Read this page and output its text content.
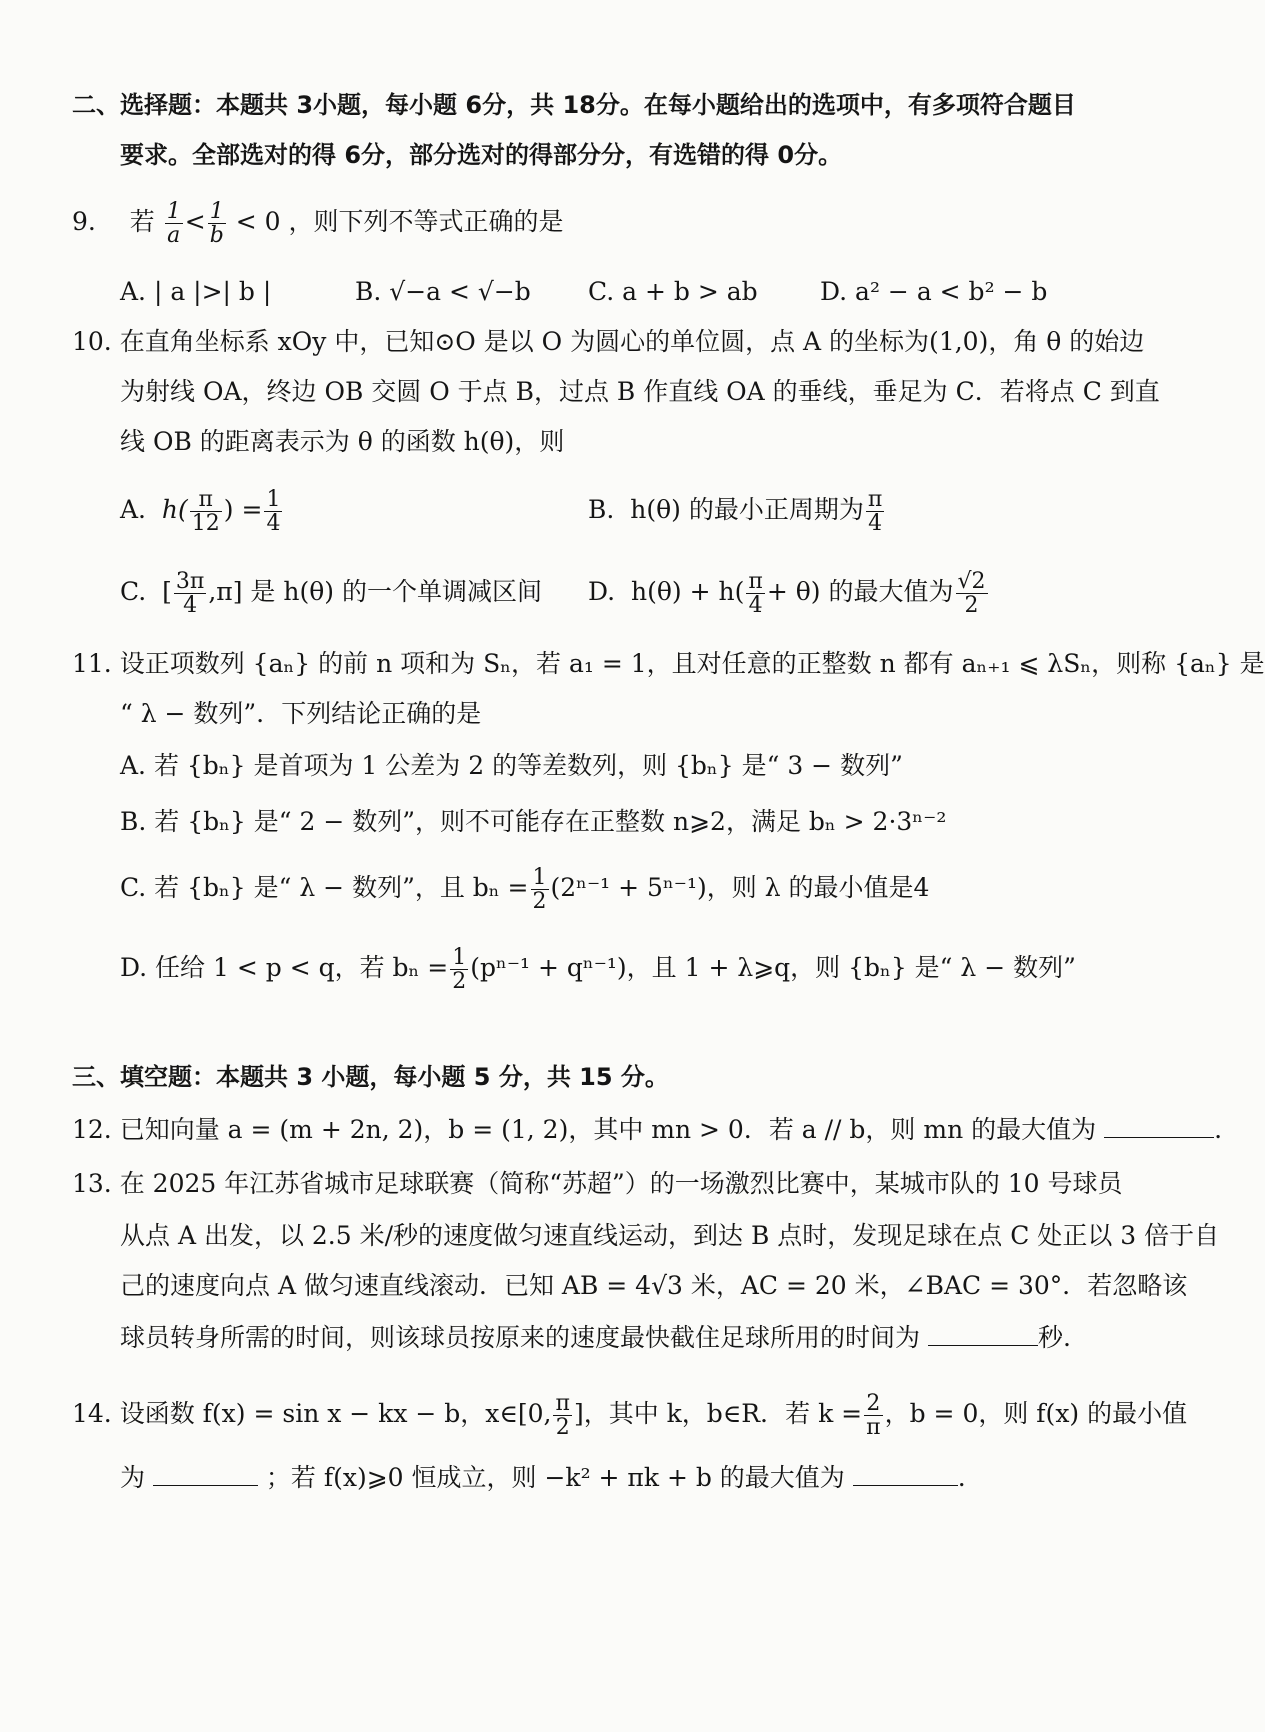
二、选择题：本题共 3小题，每小题 6分，共 18分。在每小题给出的选项中，有多项符合题目
要求。全部选对的得 6分，部分选对的得部分分，有选错的得 0分。
9. 若 $\frac{1}{a} < \frac{1}{b} < 0$ ，则下列不等式正确的是
A. | a |>| b |	B. √−a < √−b C. a + b > ab D. a² − a < b² − b
10. 在直角坐标系 xOy 中，已知⊙O 是以 O 为圆心的单位圆，点 A 的坐标为(1,0)，角 θ 的始边
为射线 OA，终边 OB 交圆 O 于点 B，过点 B 作直线 OA 的垂线，垂足为 C．若将点 C 到直
线 OB 的距离表示为 θ 的函数 h(θ)，则
A. $h( \frac{\pi}{12}$ ) = $\frac{1}{4}$	B. h(θ) 的最小正周期为 $\frac{\pi}{4}$
C. [ $\frac{3\pi}{4} ,\pi$] 是 h(θ) 的一个单调减区间 D. $h(\theta) + h( \frac{\pi}{4} + \theta)$ 的最大值为 $\frac{√2}{2}$
11. 设正项数列 {aₙ} 的前 n 项和为 Sₙ，若 a₁ = 1，且对任意的正整数 n 都有 aₙ₊₁ ⩽ λSₙ，则称 {aₙ} 是
“ λ − 数列”．下列结论正确的是
A. 若 {bₙ} 是首项为 1 公差为 2 的等差数列，则 {bₙ} 是“ 3 − 数列”
B. 若 {bₙ} 是“ 2 − 数列”，则不可能存在正整数 n⩾2，满足 bₙ > 2·3ⁿ⁻²
C. 若 {bₙ} 是“ λ − 数列”，且 $b_n = \frac{1}{2} (2^{n-1} + 5^{n-1})$，则 λ 的最小值是4
D. 任给 1 < p < q，若 $b_n = \frac{1}{2} (p^{n-1} + q^{n-1})$，且 1 + λ⩾q，则 {bₙ} 是“ λ − 数列”
三、填空题：本题共 3 小题，每小题 5 分，共 15 分。
12. 已知向量 a = (m + 2n, 2)，b = (1, 2)，其中 mn > 0．若 a // b，则 mn 的最大值为	.
13. 在 2025 年江苏省城市足球联赛（简称“苏超”）的一场激烈比赛中，某城市队的 10 号球员
从点 A 出发，以 2.5 米/秒的速度做匀速直线运动，到达 B 点时，发现足球在点 C 处正以 3 倍于自
己的速度向点 A 做匀速直线滚动．已知 AB = 4√3 米，AC = 20 米，∠BAC = 30°．若忽略该
球员转身所需的时间，则该球员按原来的速度最快截住足球所用的时间为	秒.
14. 设函数 f(x) = sin x − kx − b，x∈[0, $\frac{\pi}{2}$ ]，其中 k，b∈R．若 $k = \frac{2}{\pi}$ ，b = 0，则 f(x) 的最小值
为	；若 f(x)⩾0 恒成立，则 −k² + πk + b 的最大值为	.
